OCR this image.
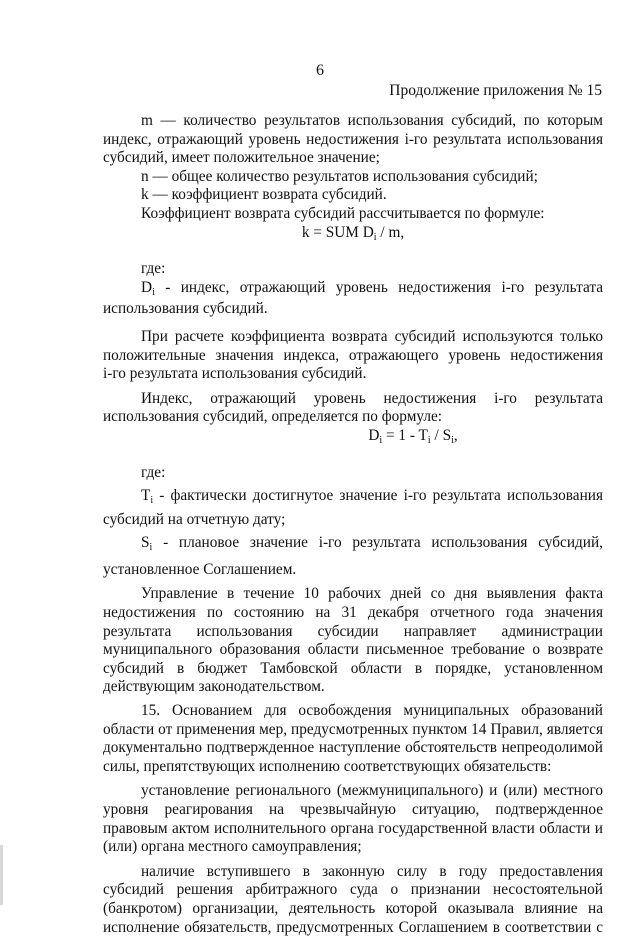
6
Продолжение приложения № 15

m — количество результатов использования субсидий, по которым

индекс, отражающий уровень недостижения i-го результата использования

субсидий, имеет положительное значение;

n — общее количество результатов использования субсидий;

k — коэффициент возврата субсидий.

Коэффициент возврата субсидий рассчитывается по формуле:

k = SUM $D_i$ / m,

где:

$D_i$ - индекс, отражающий уровень недостижения i-го результата

использования субсидий.

При расчете коэффициента возврата субсидий используются только

положительные значения индекса, отражающего уровень недостижения

i-го результата использования субсидий.

Индекс, отражающий уровень недостижения i-го результата

использования субсидий, определяется по формуле:

$D_i = 1 - T_i / S_i$,

где:

$T_i$ - фактически достигнутое значение i-го результата использования

субсидий на отчетную дату;

$S_i$ - плановое значение i-го результата использования субсидий,

установленное Соглашением.

Управление в течение 10 рабочих дней со дня выявления факта

недостижения по состоянию на 31 декабря отчетного года значения

результата использования субсидии направляет администрации

муниципального образования области письменное требование о возврате

субсидий в бюджет Тамбовской области в порядке, установленном

действующим законодательством.

15. Основанием для освобождения муниципальных образований

области от применения мер, предусмотренных пунктом 14 Правил, является

документально подтвержденное наступление обстоятельств непреодолимой

силы, препятствующих исполнению соответствующих обязательств:

установление регионального (межмуниципального) и (или) местного

уровня реагирования на чрезвычайную ситуацию, подтвержденное

правовым актом исполнительного органа государственной власти области и

(или) органа местного самоуправления;

наличие вступившего в законную силу в году предоставления

субсидий решения арбитражного суда о признании несостоятельной

(банкротом) организации, деятельность которой оказывала влияние на

исполнение обязательств, предусмотренных Соглашением в соответствии с
